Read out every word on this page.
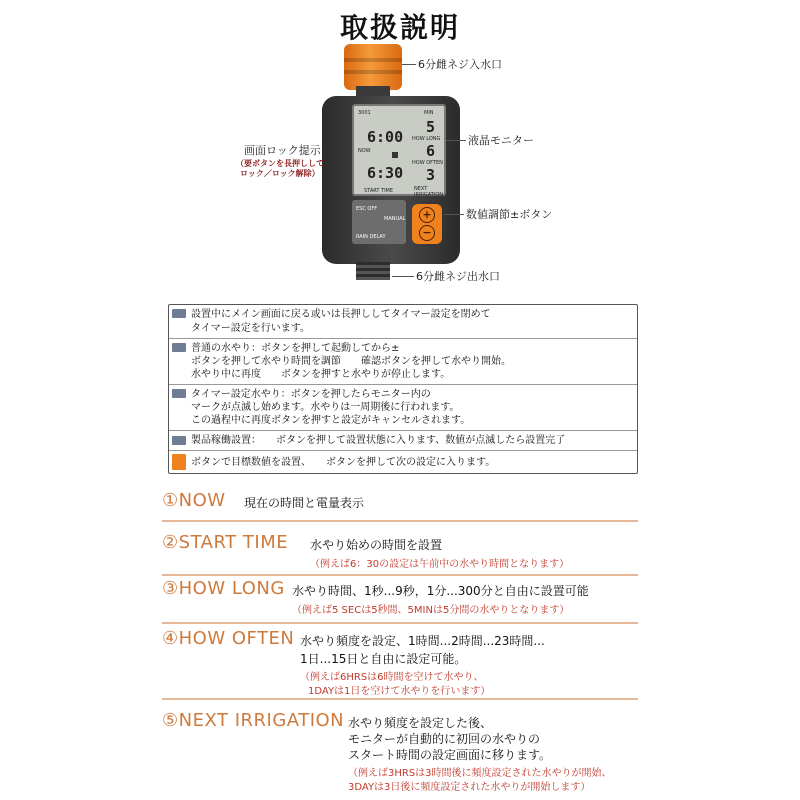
取扱説明
3001
6:00
NOW
6:30
START TIME
MIN
5
HOW LONG
6
HOW OFTEN
3
NEXT IRRIGATION
ESC OFF
MANUAL
RAIN DELAY
+
−
6分雌ネジ入水口
液晶モニター
画面ロック提示
（要ボタンを長押しして
ロック／ロック解除）
数値調節±ボタン
6分雌ネジ出水口
設置中にメイン画面に戻る或いは長押ししてタイマー設定を閉めて
タイマー設定を行います。
普通の水やり：ボタンを押して起動してから±
ボタンを押して水やり時間を調節　　確認ボタンを押して水やり開始。
水やり中に再度　　ボタンを押すと水やりが停止します。
タイマー設定水やり：ボタンを押したらモニター内の
マークが点滅し始めます。水やりは一周期後に行われます。
この過程中に再度ボタンを押すと設定がキャンセルされます。
製品稼働設置：　　ボタンを押して設置状態に入ります、数値が点滅したら設置完了
ボタンで目標数値を設置、　　ボタンを押して次の設定に入ります。
①NOW 現在の時間と電量表示
②START TIME 水やり始めの時間を設置
（例えば6：30の設定は午前中の水やり時間となります）
③HOW LONG 水やり時間、1秒...9秒，1分...300分と自由に設置可能
（例えば5 SECは5秒間、5MINは5分間の水やりとなります）
④HOW OFTEN 水やり頻度を設定、1時間...2時間...23時間...
1日...15日と自由に設定可能。
（例えば6HRSは6時間を空けて水やり、
1DAYは1日を空けて水やりを行います）
⑤NEXT IRRIGATION 水やり頻度を設定した後、
モニターが自動的に初回の水やりの
スタート時間の設定画面に移ります。
（例えば3HRSは3時間後に頻度設定された水やりが開始、
3DAYは3日後に頻度設定された水やりが開始します）
